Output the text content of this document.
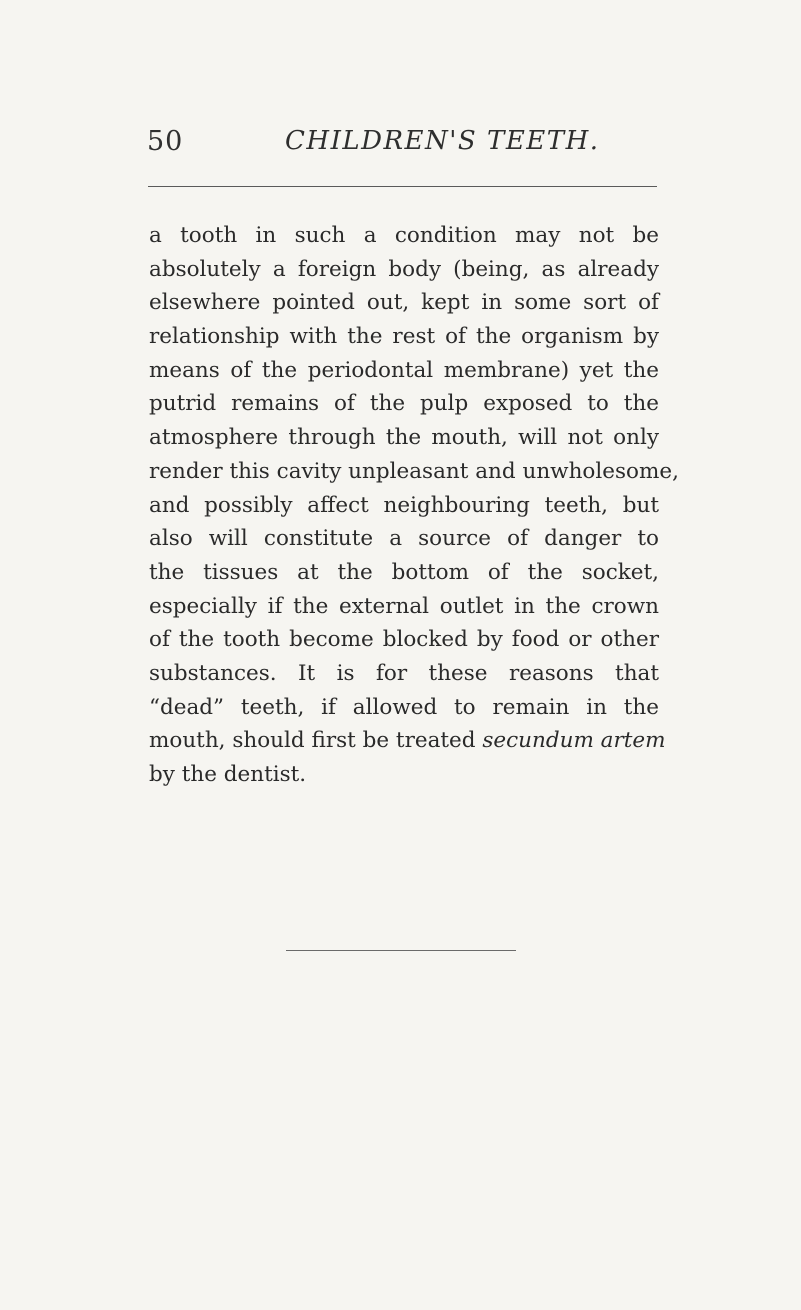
50	CHILDREN'S TEETH.
a tooth in such a condition may not be
absolutely a foreign body (being, as already
elsewhere pointed out, kept in some sort of
relationship with the rest of the organism by
means of the periodontal membrane) yet the
putrid remains of the pulp exposed to the
atmosphere through the mouth, will not only
render this cavity unpleasant and unwholesome,
and possibly affect neighbouring teeth, but
also will constitute a source of danger to
the tissues at the bottom of the socket,
especially if the external outlet in the crown
of the tooth become blocked by food or other
substances. It is for these reasons that
“dead” teeth, if allowed to remain in the
mouth, should first be treated secundum artem
by the dentist.
